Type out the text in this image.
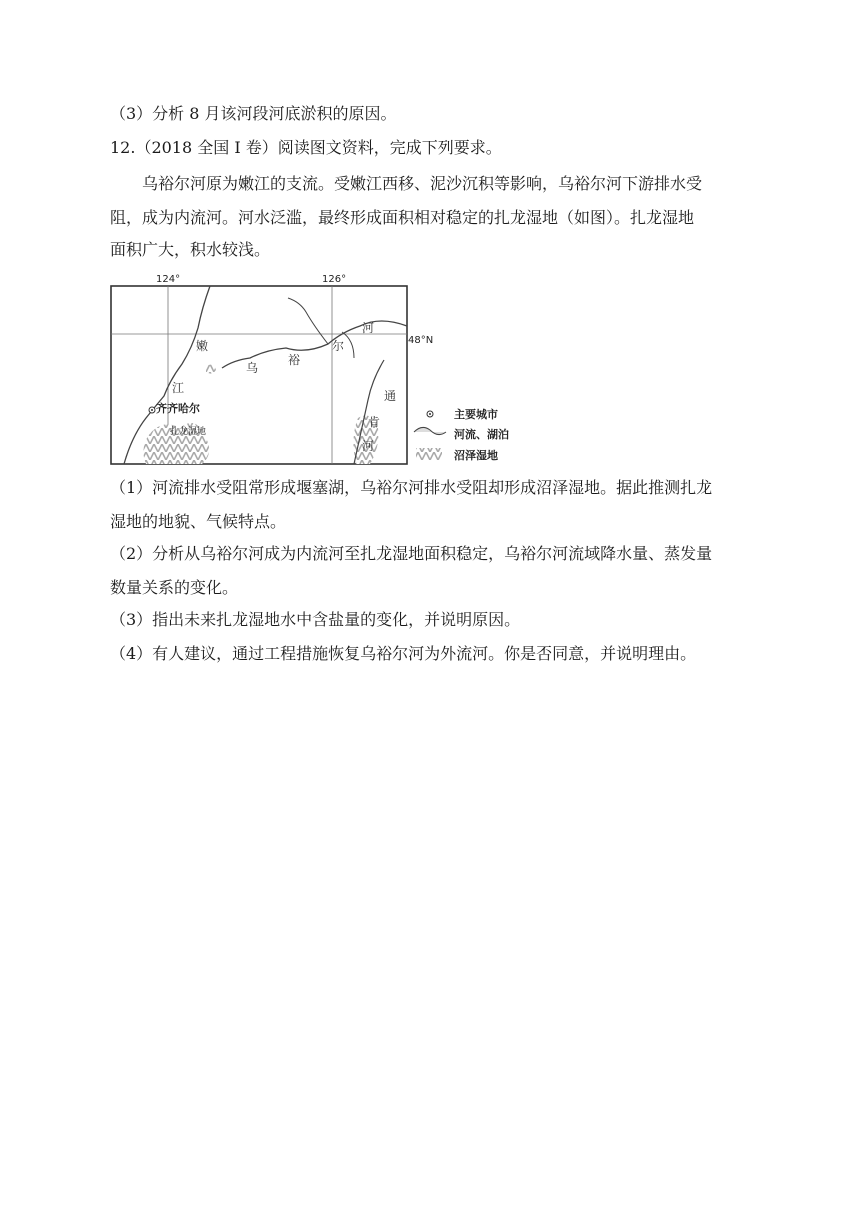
（3）分析 8 月该河段河底淤积的原因。
12.（2018 全国 I 卷）阅读图文资料，完成下列要求。
乌裕尔河原为嫩江的支流。受嫩江西移、泥沙沉积等影响，乌裕尔河下游排水受
阻，成为内流河。河水泛滥，最终形成面积相对稳定的扎龙湿地（如图）。扎龙湿地
面积广大，积水较浅。
124°	126°
48°N
嫩
江
乌
裕
尔
河
通
肯
河
齐齐哈尔
扎龙湿地
主要城市
河流、湖泊
沼泽湿地
（1）河流排水受阻常形成堰塞湖，乌裕尔河排水受阻却形成沼泽湿地。据此推测扎龙
湿地的地貌、气候特点。
（2）分析从乌裕尔河成为内流河至扎龙湿地面积稳定，乌裕尔河流域降水量、蒸发量
数量关系的变化。
（3）指出未来扎龙湿地水中含盐量的变化，并说明原因。
（4）有人建议，通过工程措施恢复乌裕尔河为外流河。你是否同意，并说明理由。
